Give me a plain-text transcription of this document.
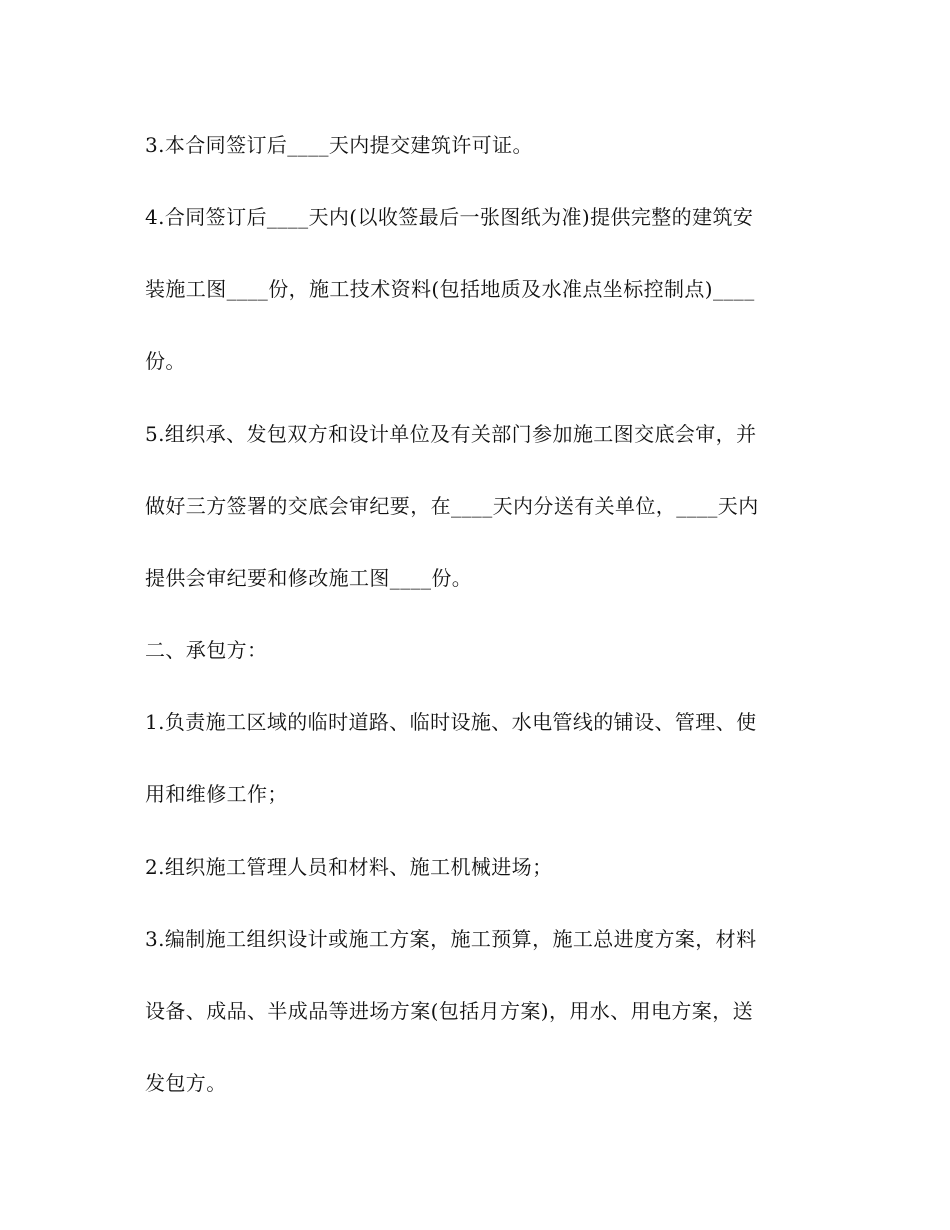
3.本合同签订后____天内提交建筑许可证。
4.合同签订后____天内(以收签最后一张图纸为准)提供完整的建筑安
装施工图____份，施工技术资料(包括地质及水准点坐标控制点)____
份。
5.组织承、发包双方和设计单位及有关部门参加施工图交底会审，并
做好三方签署的交底会审纪要，在____天内分送有关单位，____天内
提供会审纪要和修改施工图____份。
二、承包方：
1.负责施工区域的临时道路、临时设施、水电管线的铺设、管理、使
用和维修工作；
2.组织施工管理人员和材料、施工机械进场；
3.编制施工组织设计或施工方案，施工预算，施工总进度方案，材料
设备、成品、半成品等进场方案(包括月方案)，用水、用电方案，送
发包方。
